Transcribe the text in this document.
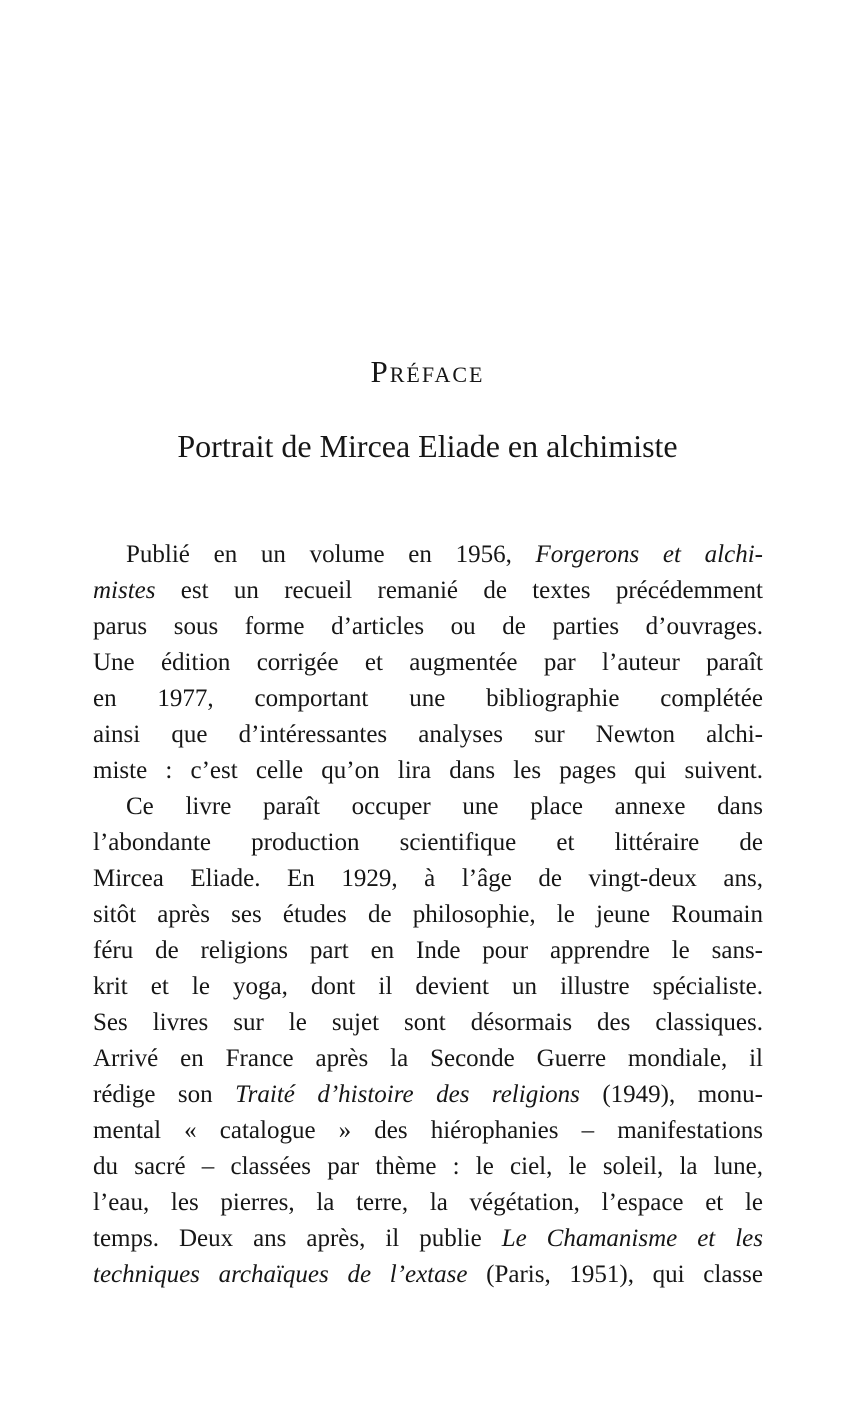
Préface
Portrait de Mircea Eliade en alchimiste
Publié en un volume en 1956, Forgerons et alchi-
mistes est un recueil remanié de textes précédemment
parus sous forme d’articles ou de parties d’ouvrages.
Une édition corrigée et augmentée par l’auteur paraît
en 1977, comportant une bibliographie complétée
ainsi que d’intéressantes analyses sur Newton alchi-
miste : c’est celle qu’on lira dans les pages qui suivent.
Ce livre paraît occuper une place annexe dans
l’abondante production scientifique et littéraire de
Mircea Eliade. En 1929, à l’âge de vingt-deux ans,
sitôt après ses études de philosophie, le jeune Roumain
féru de religions part en Inde pour apprendre le sans-
krit et le yoga, dont il devient un illustre spécialiste.
Ses livres sur le sujet sont désormais des classiques.
Arrivé en France après la Seconde Guerre mondiale, il
rédige son Traité d’histoire des religions (1949), monu-
mental « catalogue » des hiérophanies – manifestations
du sacré – classées par thème : le ciel, le soleil, la lune,
l’eau, les pierres, la terre, la végétation, l’espace et le
temps. Deux ans après, il publie Le Chamanisme et les
techniques archaïques de l’extase (Paris, 1951), qui classe
